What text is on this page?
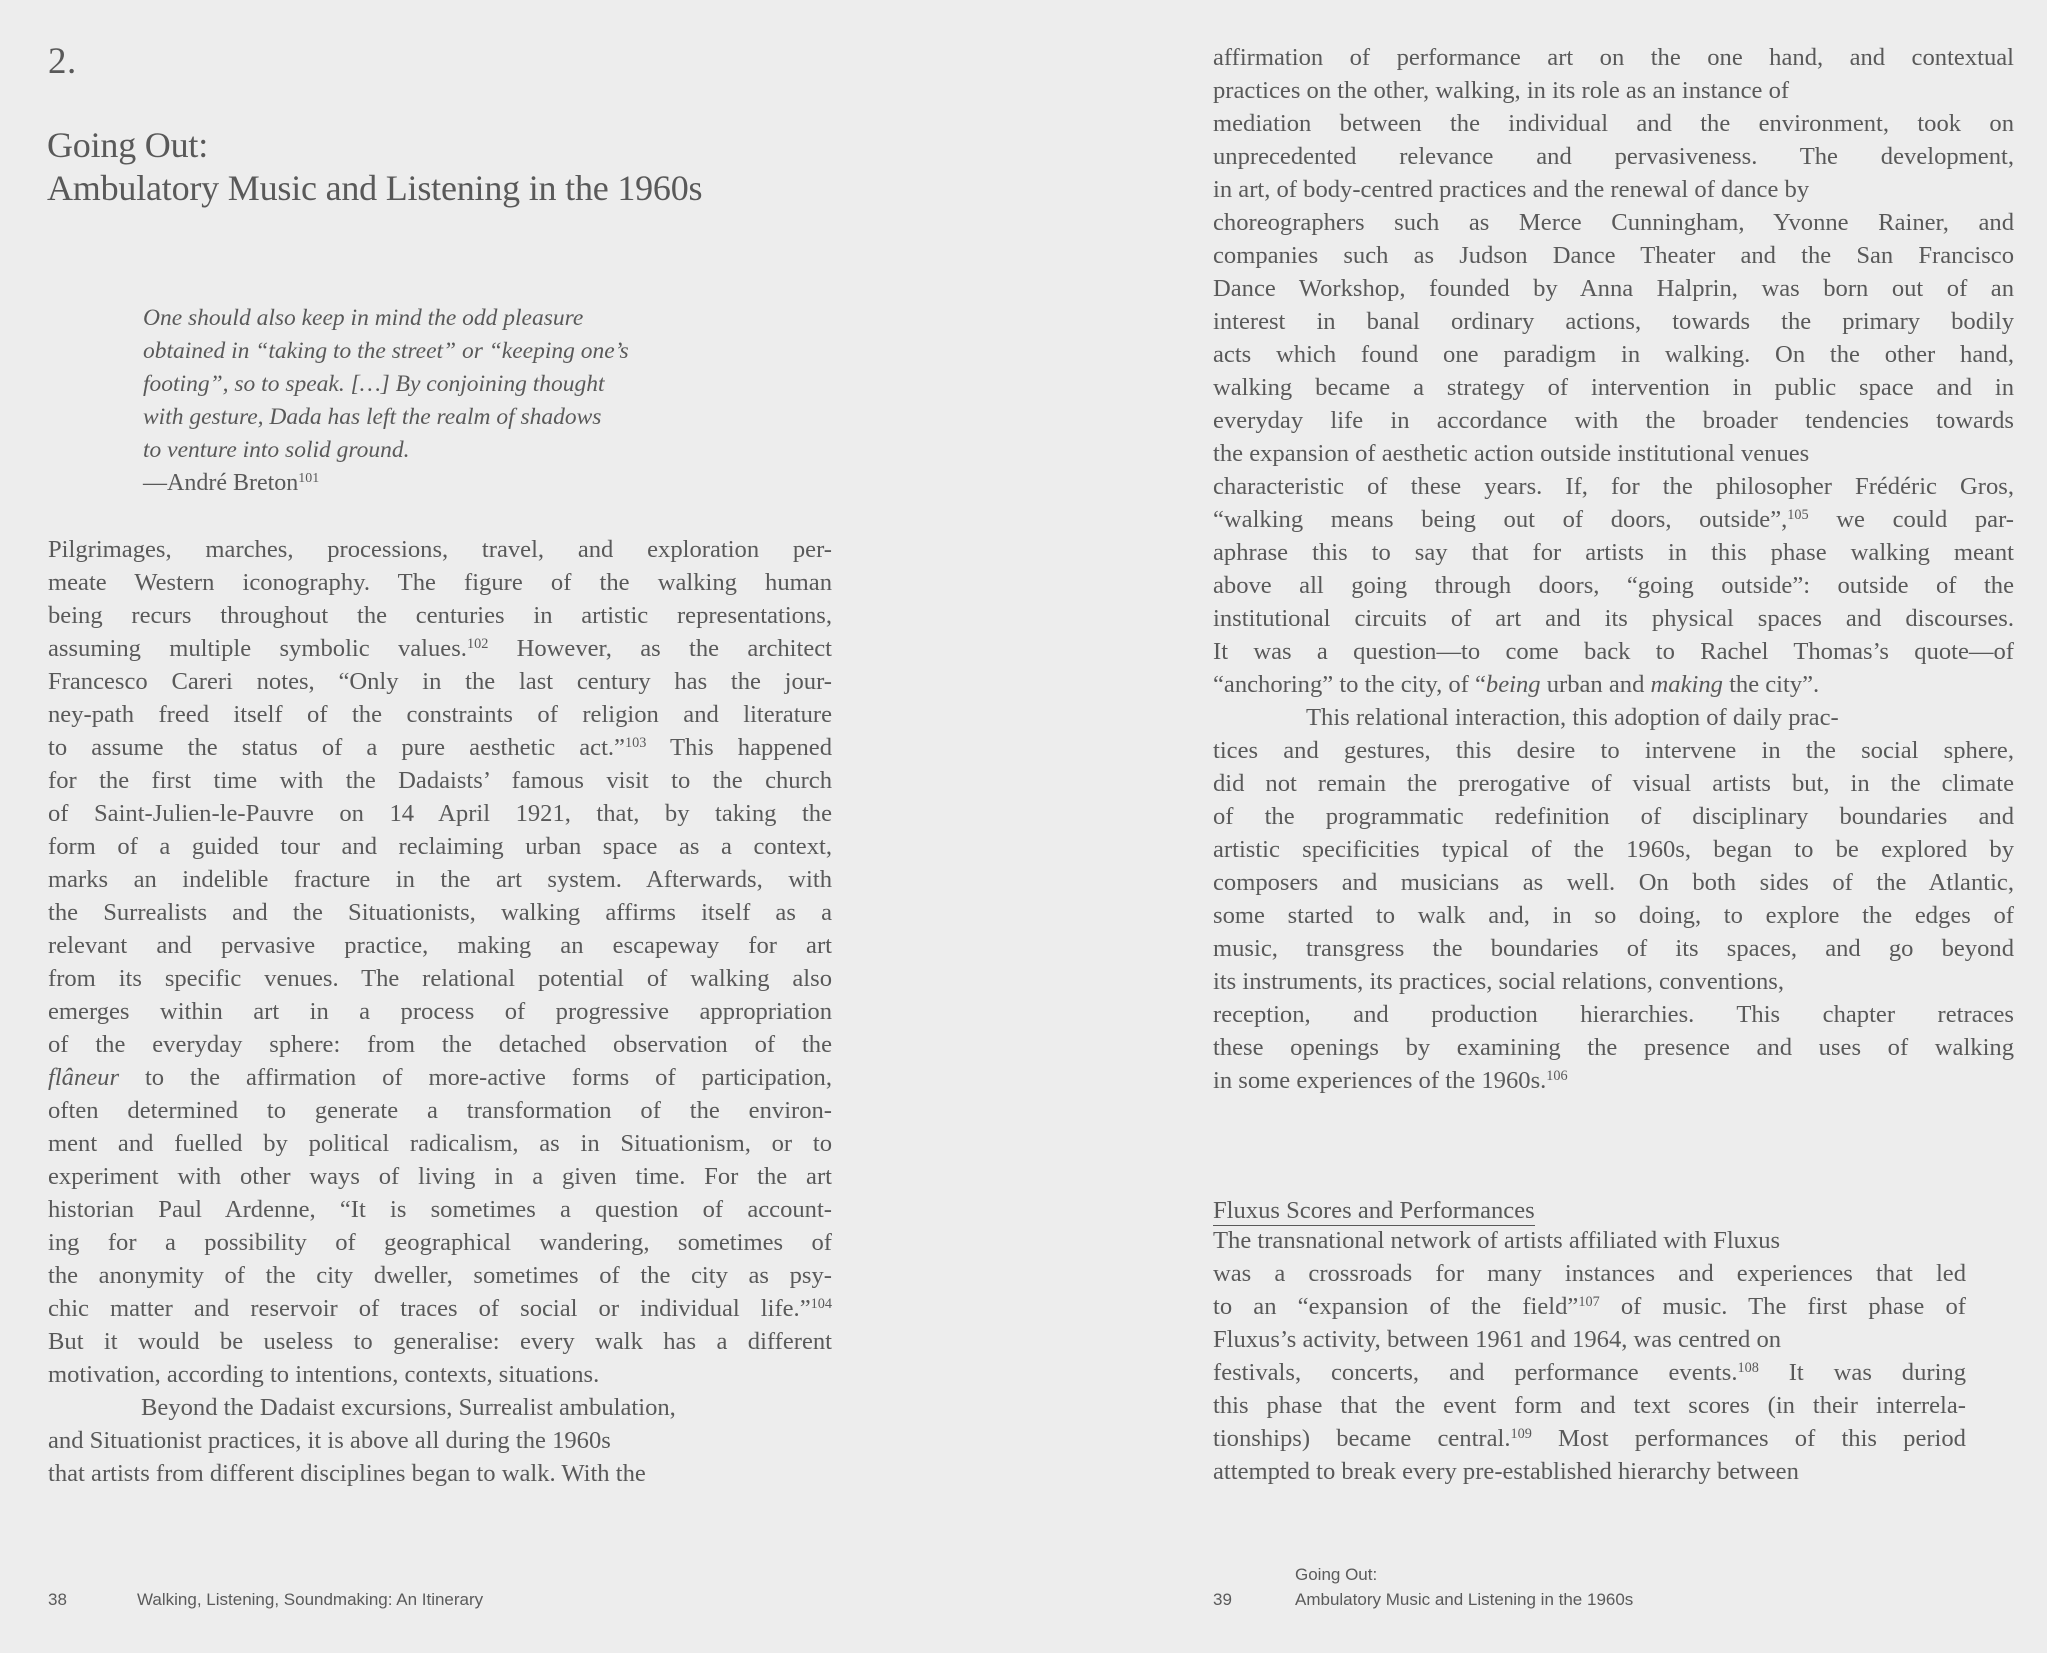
2.
Going Out:
Ambulatory Music and Listening in the 1960s
One should also keep in mind the odd pleasure
obtained in “taking to the street” or “keeping one’s
footing”, so to speak. […] By conjoining thought
with gesture, Dada has left the realm of shadows
to venture into solid ground.
—André Breton$^{101}$
Pilgrimages, marches, processions, travel, and exploration per-
meate Western iconography. The figure of the walking human
being recurs throughout the centuries in artistic representations,
assuming multiple symbolic values.$^{102}$ However, as the architect
Francesco Careri notes, “Only in the last century has the jour-
ney-path freed itself of the constraints of religion and literature
to assume the status of a pure aesthetic act.”$^{103}$ This happened
for the first time with the Dadaists’ famous visit to the church
of Saint-Julien-le-Pauvre on 14 April 1921, that, by taking the
form of a guided tour and reclaiming urban space as a context,
marks an indelible fracture in the art system. Afterwards, with
the Surrealists and the Situationists, walking affirms itself as a
relevant and pervasive practice, making an escapeway for art
from its specific venues. The relational potential of walking also
emerges within art in a process of progressive appropriation
of the everyday sphere: from the detached observation of the
flâneur to the affirmation of more-active forms of participation,
often determined to generate a transformation of the environ-
ment and fuelled by political radicalism, as in Situationism, or to
experiment with other ways of living in a given time. For the art
historian Paul Ardenne, “It is sometimes a question of account-
ing for a possibility of geographical wandering, sometimes of
the anonymity of the city dweller, sometimes of the city as psy-
chic matter and reservoir of traces of social or individual life.”$^{104}$
But it would be useless to generalise: every walk has a different
motivation, according to intentions, contexts, situations.
Beyond the Dadaist excursions, Surrealist ambulation,
and Situationist practices, it is above all during the 1960s
that artists from different disciplines began to walk. With the
38	Walking, Listening, Soundmaking: An Itinerary
affirmation of performance art on the one hand, and contextual
practices on the other, walking, in its role as an instance of
mediation between the individual and the environment, took on
unprecedented relevance and pervasiveness. The development,
in art, of body-centred practices and the renewal of dance by
choreographers such as Merce Cunningham, Yvonne Rainer, and
companies such as Judson Dance Theater and the San Francisco
Dance Workshop, founded by Anna Halprin, was born out of an
interest in banal ordinary actions, towards the primary bodily
acts which found one paradigm in walking. On the other hand,
walking became a strategy of intervention in public space and in
everyday life in accordance with the broader tendencies towards
the expansion of aesthetic action outside institutional venues
characteristic of these years. If, for the philosopher Frédéric Gros,
“walking means being out of doors, outside”,$^{105}$ we could par-
aphrase this to say that for artists in this phase walking meant
above all going through doors, “going outside”: outside of the
institutional circuits of art and its physical spaces and discourses.
It was a question—to come back to Rachel Thomas’s quote—of
“anchoring” to the city, of “being urban and making the city”.
This relational interaction, this adoption of daily prac-
tices and gestures, this desire to intervene in the social sphere,
did not remain the prerogative of visual artists but, in the climate
of the programmatic redefinition of disciplinary boundaries and
artistic specificities typical of the 1960s, began to be explored by
composers and musicians as well. On both sides of the Atlantic,
some started to walk and, in so doing, to explore the edges of
music, transgress the boundaries of its spaces, and go beyond
its instruments, its practices, social relations, conventions,
reception, and production hierarchies. This chapter retraces
these openings by examining the presence and uses of walking
in some experiences of the 1960s.$^{106}$
Fluxus Scores and Performances
The transnational network of artists affiliated with Fluxus
was a crossroads for many instances and experiences that led
to an “expansion of the field”$^{107}$ of music. The first phase of
Fluxus’s activity, between 1961 and 1964, was centred on
festivals, concerts, and performance events.$^{108}$ It was during
this phase that the event form and text scores (in their interrela-
tionships) became central.$^{109}$ Most performances of this period
attempted to break every pre-established hierarchy between
39
Going Out:
Ambulatory Music and Listening in the 1960s
